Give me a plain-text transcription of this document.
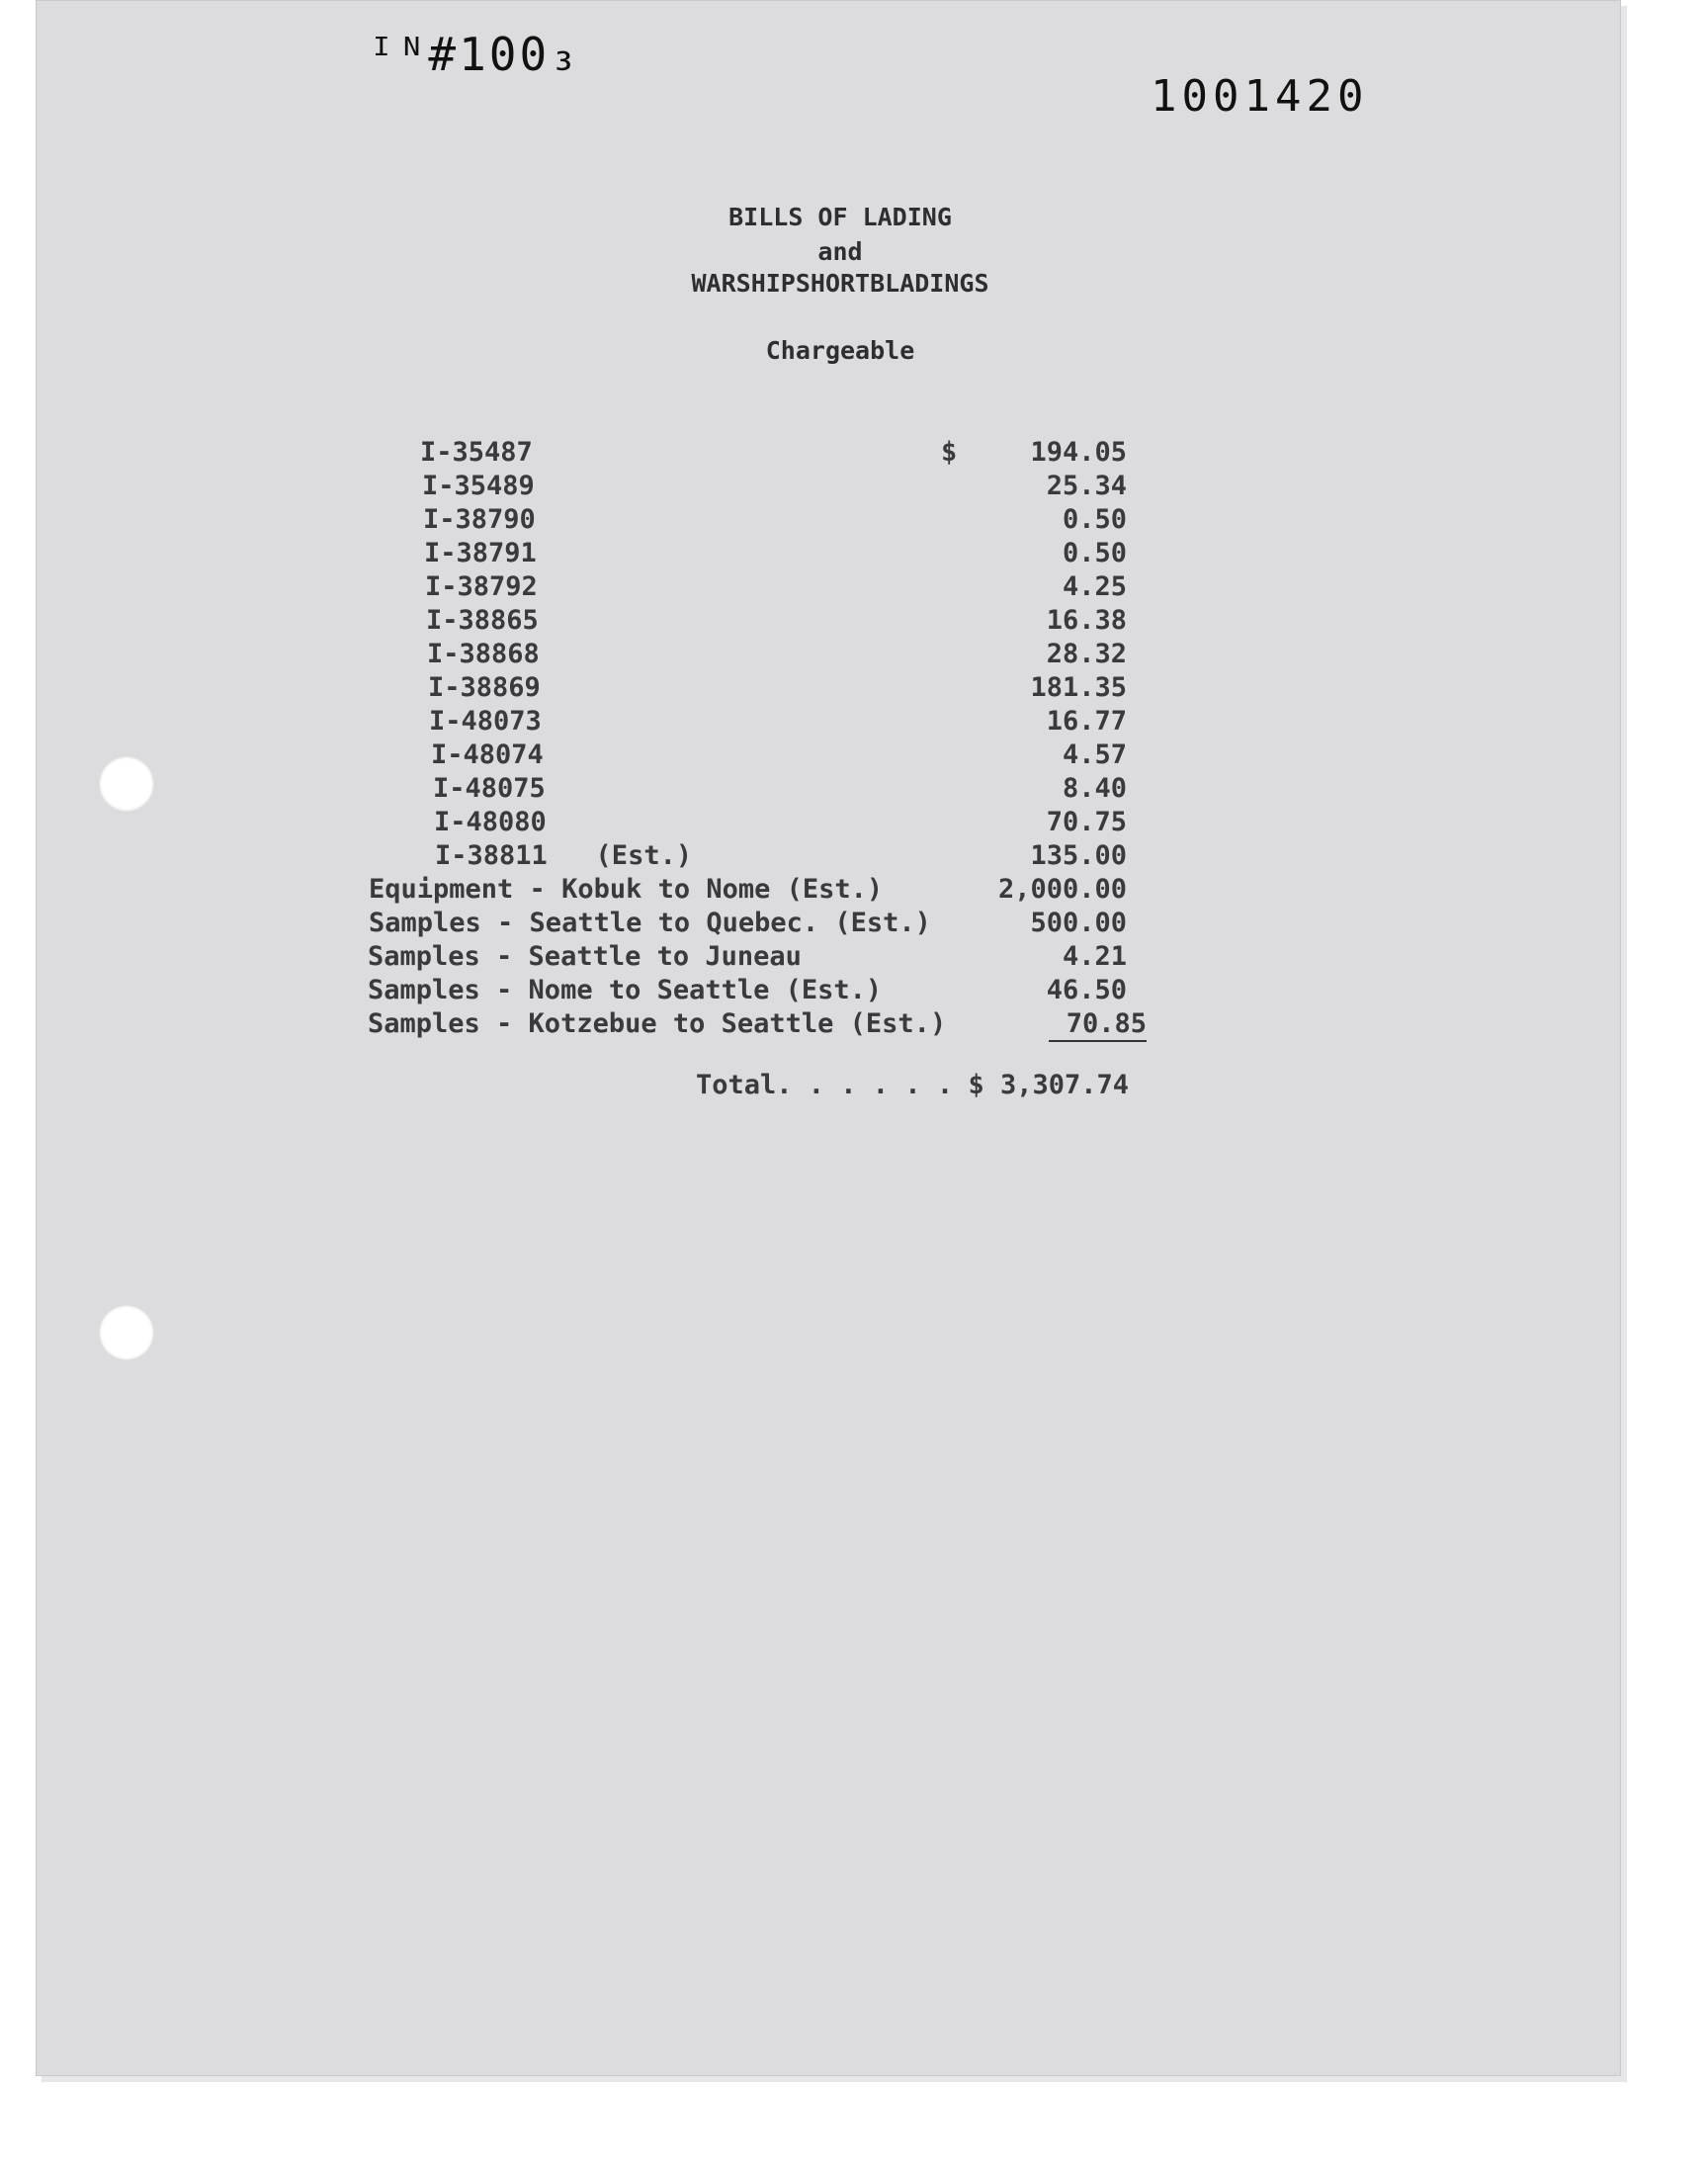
ᴵᴺ#100₃
1001420
BILLS OF LADING
and
WARSHIPSHORTBLADINGS
Chargeable
I-35487	$	194.05
I-35489	25.34
I-38790	0.50
I-38791	0.50
I-38792	4.25
I-38865	16.38
I-38868	28.32
I-38869	181.35
I-48073	16.77
I-48074	4.57
I-48075	8.40
I-48080	70.75
I-38811   (Est.)	135.00
Equipment - Kobuk to Nome (Est.)	2,000.00
Samples - Seattle to Quebec. (Est.)	500.00
Samples - Seattle to Juneau	4.21
Samples - Nome to Seattle (Est.)	46.50
Samples - Kotzebue to Seattle (Est.)	70.85
Total. . . . . . $ 3,307.74
